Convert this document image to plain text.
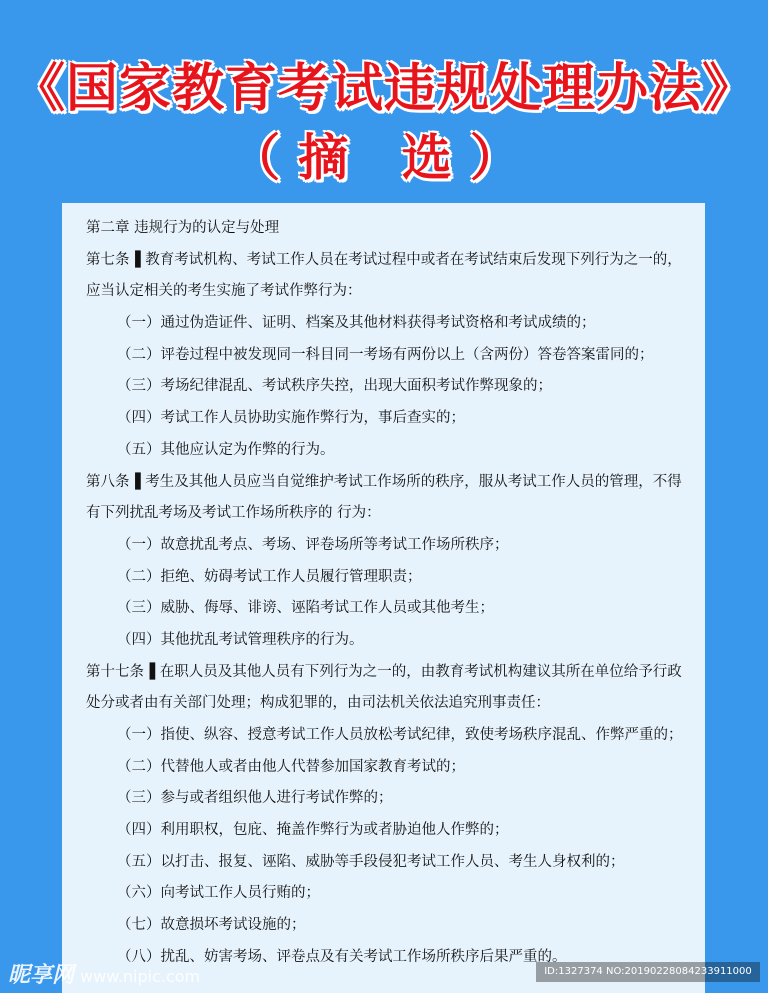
《国家教育考试违规处理办法》
（摘 选）
第二章 违规行为的认定与处理
第七条▐ 教育考试机构、考试工作人员在考试过程中或者在考试结束后发现下列行为之一的，
应当认定相关的考生实施了考试作弊行为：
（一）通过伪造证件、证明、档案及其他材料获得考试资格和考试成绩的；
（二）评卷过程中被发现同一科目同一考场有两份以上（含两份）答卷答案雷同的；
（三）考场纪律混乱、考试秩序失控，出现大面积考试作弊现象的；
（四）考试工作人员协助实施作弊行为，事后查实的；
（五）其他应认定为作弊的行为。
第八条▐ 考生及其他人员应当自觉维护考试工作场所的秩序，服从考试工作人员的管理，不得
有下列扰乱考场及考试工作场所秩序的 行为：
（一）故意扰乱考点、考场、评卷场所等考试工作场所秩序；
（二）拒绝、妨碍考试工作人员履行管理职责；
（三）威胁、侮辱、诽谤、诬陷考试工作人员或其他考生；
（四）其他扰乱考试管理秩序的行为。
第十七条▐ 在职人员及其他人员有下列行为之一的，由教育考试机构建议其所在单位给予行政
处分或者由有关部门处理；构成犯罪的，由司法机关依法追究刑事责任：
（一）指使、纵容、授意考试工作人员放松考试纪律，致使考场秩序混乱、作弊严重的；
（二）代替他人或者由他人代替参加国家教育考试的；
（三）参与或者组织他人进行考试作弊的；
（四）利用职权，包庇、掩盖作弊行为或者胁迫他人作弊的；
（五）以打击、报复、诬陷、威胁等手段侵犯考试工作人员、考生人身权利的；
（六）向考试工作人员行贿的；
（七）故意损坏考试设施的；
（八）扰乱、妨害考场、评卷点及有关考试工作场所秩序后果严重的。
昵享网 www.nipic.com	ID:1327374 NO:20190228084233911000
